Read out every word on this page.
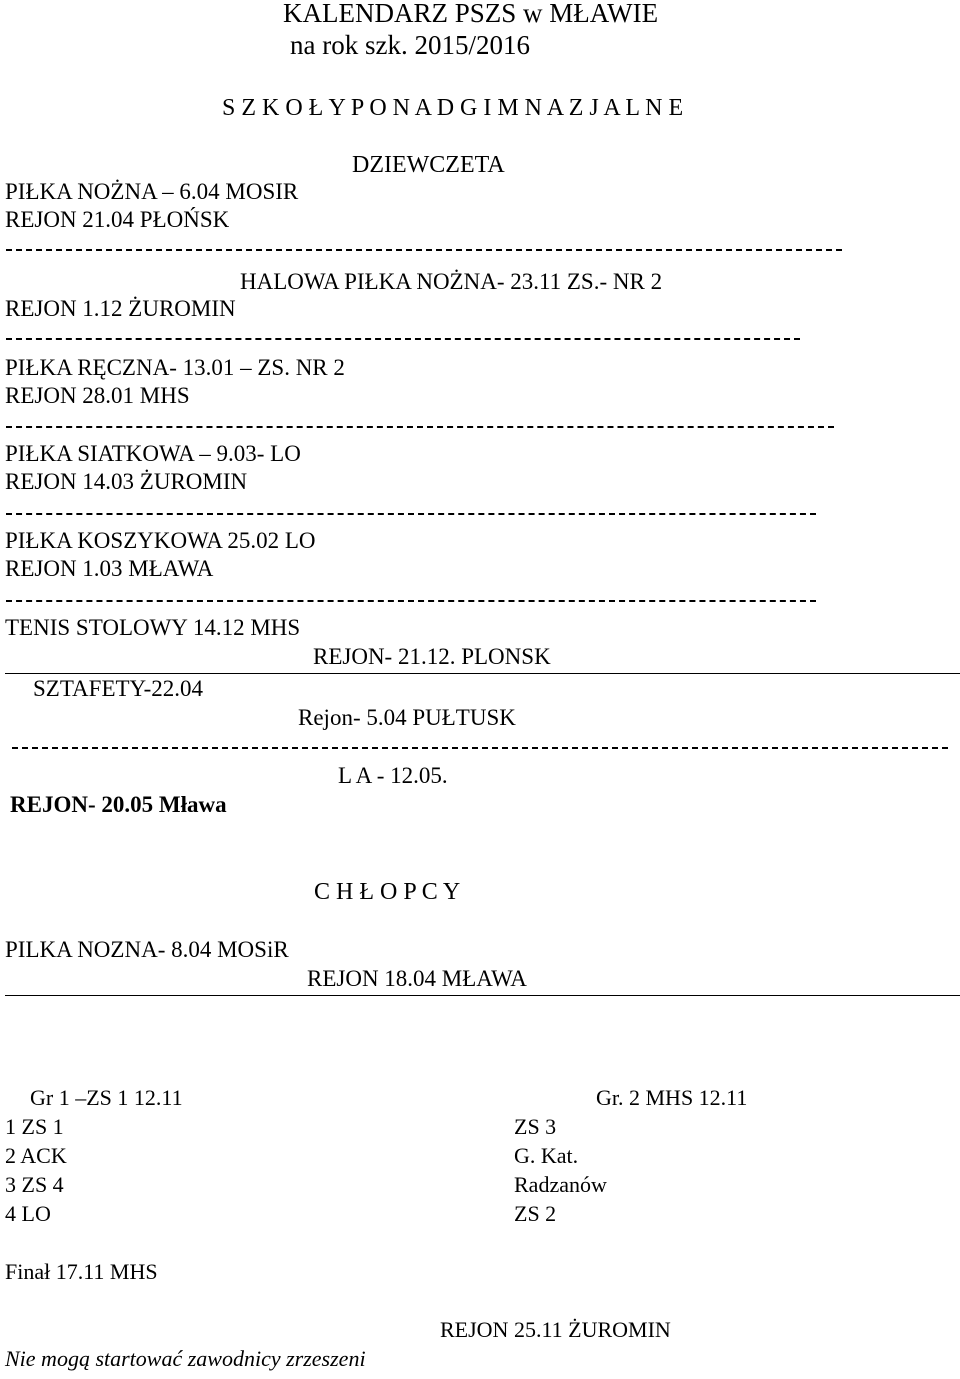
KALENDARZ PSZS w MŁAWIE
na rok szk. 2015/2016
S Z K O Ł Y P O N A D G I M N A Z J A L N E
DZIEWCZETA
PIŁKA NOŻNA – 6.04 MOSIR
REJON 21.04 PŁOŃSK
HALOWA PIŁKA NOŻNA- 23.11 ZS.- NR 2
REJON 1.12 ŻUROMIN
PIŁKA RĘCZNA- 13.01 – ZS. NR 2
REJON 28.01 MHS
PIŁKA SIATKOWA – 9.03- LO
REJON 14.03 ŻUROMIN
PIŁKA KOSZYKOWA 25.02 LO
REJON 1.03 MŁAWA
TENIS STOLOWY 14.12 MHS
REJON- 21.12. PLONSK
SZTAFETY-22.04
Rejon- 5.04 PUŁTUSK
L A - 12.05.
REJON- 20.05 Mława
C H Ł O P C Y
PILKA NOZNA- 8.04 MOSiR
REJON 18.04 MŁAWA
Gr 1 –ZS 1 12.11
1 ZS 1
2 ACK
3 ZS 4
4 LO
Gr. 2 MHS 12.11
ZS 3
G. Kat.
Radzanów
ZS 2
Finał 17.11 MHS
REJON 25.11 ŻUROMIN
Nie mogą startować zawodnicy zrzeszeni
